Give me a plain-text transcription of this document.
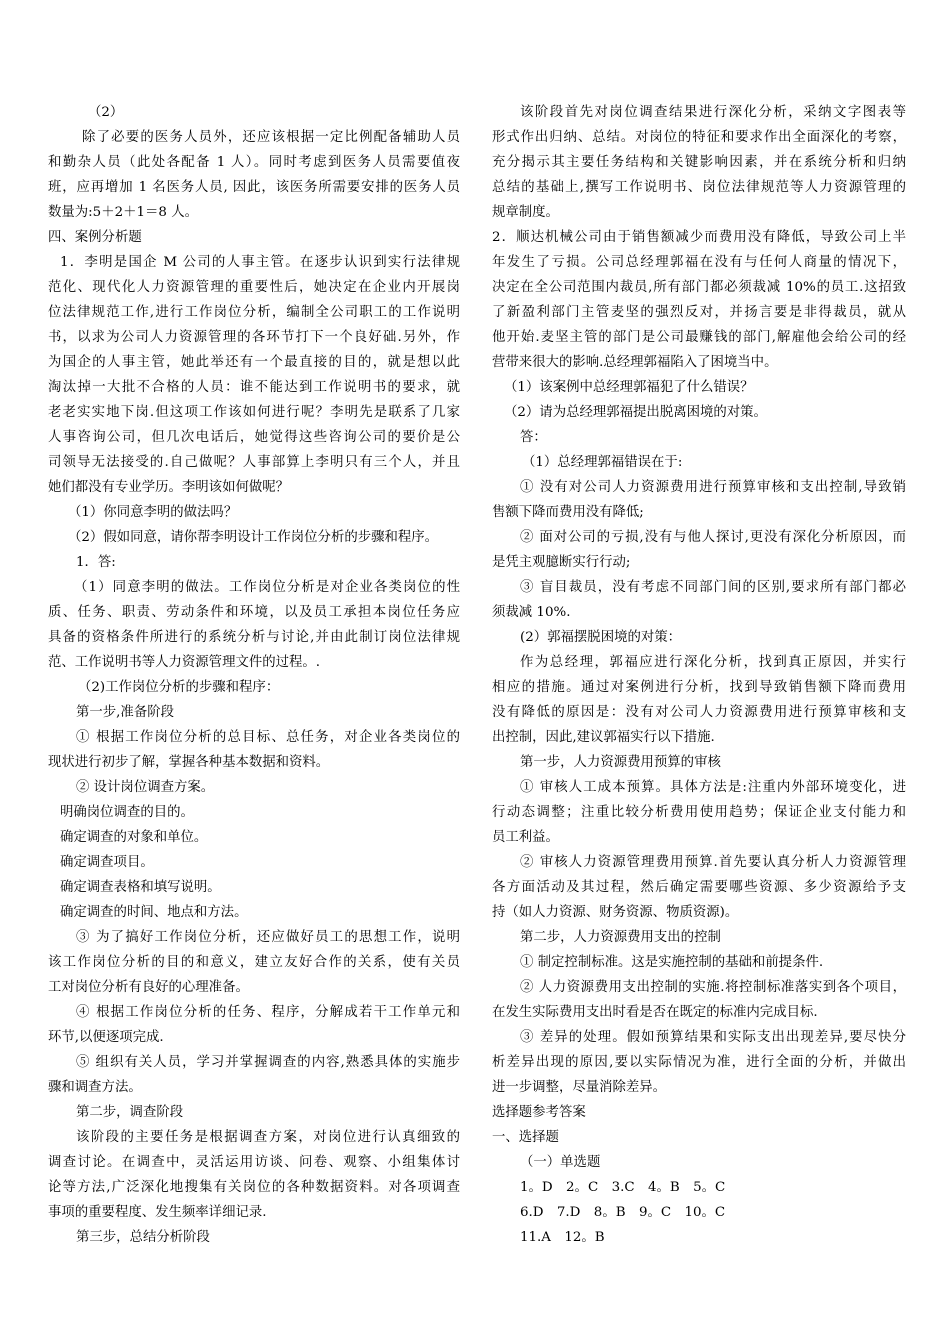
（2）
除了必要的医务人员外，还应该根据一定比例配备辅助人员
和勤杂人员（此处各配备 1 人）。同时考虑到医务人员需要值夜
班，应再增加 1 名医务人员, 因此，该医务所需要安排的医务人员
数量为:5＋2＋1＝8 人。
四、案例分析题
1．李明是国企 M 公司的人事主管。在逐步认识到实行法律规
范化、现代化人力资源管理的重要性后，她决定在企业内开展岗
位法律规范工作,进行工作岗位分析，编制全公司职工的工作说明
书，以求为公司人力资源管理的各环节打下一个良好础.另外，作
为国企的人事主管，她此举还有一个最直接的目的，就是想以此
淘汰掉一大批不合格的人员：谁不能达到工作说明书的要求，就
老老实实地下岗.但这项工作该如何进行呢？李明先是联系了几家
人事咨询公司，但几次电话后，她觉得这些咨询公司的要价是公
司领导无法接受的.自己做呢？人事部算上李明只有三个人，并且
她们都没有专业学历。李明该如何做呢？
（1）你同意李明的做法吗？
（2）假如同意，请你帮李明设计工作岗位分析的步骤和程序。
1．答:
（1）同意李明的做法。工作岗位分析是对企业各类岗位的性
质、任务、职责、劳动条件和环境，以及员工承担本岗位任务应
具备的资格条件所进行的系统分析与讨论,并由此制订岗位法律规
范、工作说明书等人力资源管理文件的过程。.
（2)工作岗位分析的步骤和程序：
第一步,准备阶段
① 根据工作岗位分析的总目标、总任务，对企业各类岗位的
现状进行初步了解，掌握各种基本数据和资料。
② 设计岗位调查方案。
明确岗位调查的目的。
确定调查的对象和单位。
确定调查项目。
确定调查表格和填写说明。
确定调查的时间、地点和方法。
③ 为了搞好工作岗位分析，还应做好员工的思想工作，说明
该工作岗位分析的目的和意义，建立友好合作的关系，使有关员
工对岗位分析有良好的心理准备。
④ 根据工作岗位分析的任务、程序，分解成若干工作单元和
环节,以便逐项完成.
⑤ 组织有关人员，学习并掌握调查的内容,熟悉具体的实施步
骤和调查方法。
第二步，调查阶段
该阶段的主要任务是根据调查方案，对岗位进行认真细致的
调查讨论。在调查中，灵活运用访谈、问卷、观察、小组集体讨
论等方法,广泛深化地搜集有关岗位的各种数据资料。对各项调查
事项的重要程度、发生频率详细记录.
第三步，总结分析阶段
该阶段首先对岗位调查结果进行深化分析，采纳文字图表等
形式作出归纳、总结。对岗位的特征和要求作出全面深化的考察，
充分揭示其主要任务结构和关键影响因素，并在系统分析和归纳
总结的基础上,撰写工作说明书、岗位法律规范等人力资源管理的
规章制度。
2．顺达机械公司由于销售额减少而费用没有降低，导致公司上半
年发生了亏损。公司总经理郭福在没有与任何人商量的情况下，
决定在全公司范围内裁员,所有部门都必须裁减 10%的员工.这招致
了新盈利部门主管麦坚的强烈反对，并扬言要是非得裁员，就从
他开始.麦坚主管的部门是公司最赚钱的部门,解雇他会给公司的经
营带来很大的影响.总经理郭福陷入了困境当中。
（1）该案例中总经理郭福犯了什么错误？
（2）请为总经理郭福提出脱离困境的对策。
答：
（1）总经理郭福错误在于:
① 没有对公司人力资源费用进行预算审核和支出控制,导致销
售额下降而费用没有降低;
② 面对公司的亏损,没有与他人探讨,更没有深化分析原因，而
是凭主观臆断实行行动;
③ 盲目裁员，没有考虑不同部门间的区别,要求所有部门都必
须裁减 10%.
(2）郭福摆脱困境的对策：
作为总经理，郭福应进行深化分析，找到真正原因，并实行
相应的措施。通过对案例进行分析，找到导致销售额下降而费用
没有降低的原因是：没有对公司人力资源费用进行预算审核和支
出控制，因此,建议郭福实行以下措施.
第一步，人力资源费用预算的审核
① 审核人工成本预算。具体方法是:注重内外部环境变化，进
行动态调整；注重比较分析费用使用趋势；保证企业支付能力和
员工利益。
② 审核人力资源管理费用预算.首先要认真分析人力资源管理
各方面活动及其过程，然后确定需要哪些资源、多少资源给予支
持（如人力资源、财务资源、物质资源)。
第二步，人力资源费用支出的控制
① 制定控制标准。这是实施控制的基础和前提条件.
② 人力资源费用支出控制的实施.将控制标准落实到各个项目，
在发生实际费用支出时看是否在既定的标准内完成目标.
③ 差异的处理。假如预算结果和实际支出出现差异,要尽快分
析差异出现的原因,要以实际情况为准，进行全面的分析，并做出
进一步调整，尽量消除差异。
选择题参考答案
一、选择题
（一）单选题
1。D　2。C　3.C　4。B　5。C
6.D　7.D　8。B　9。C　10。C
11.A　12。B
